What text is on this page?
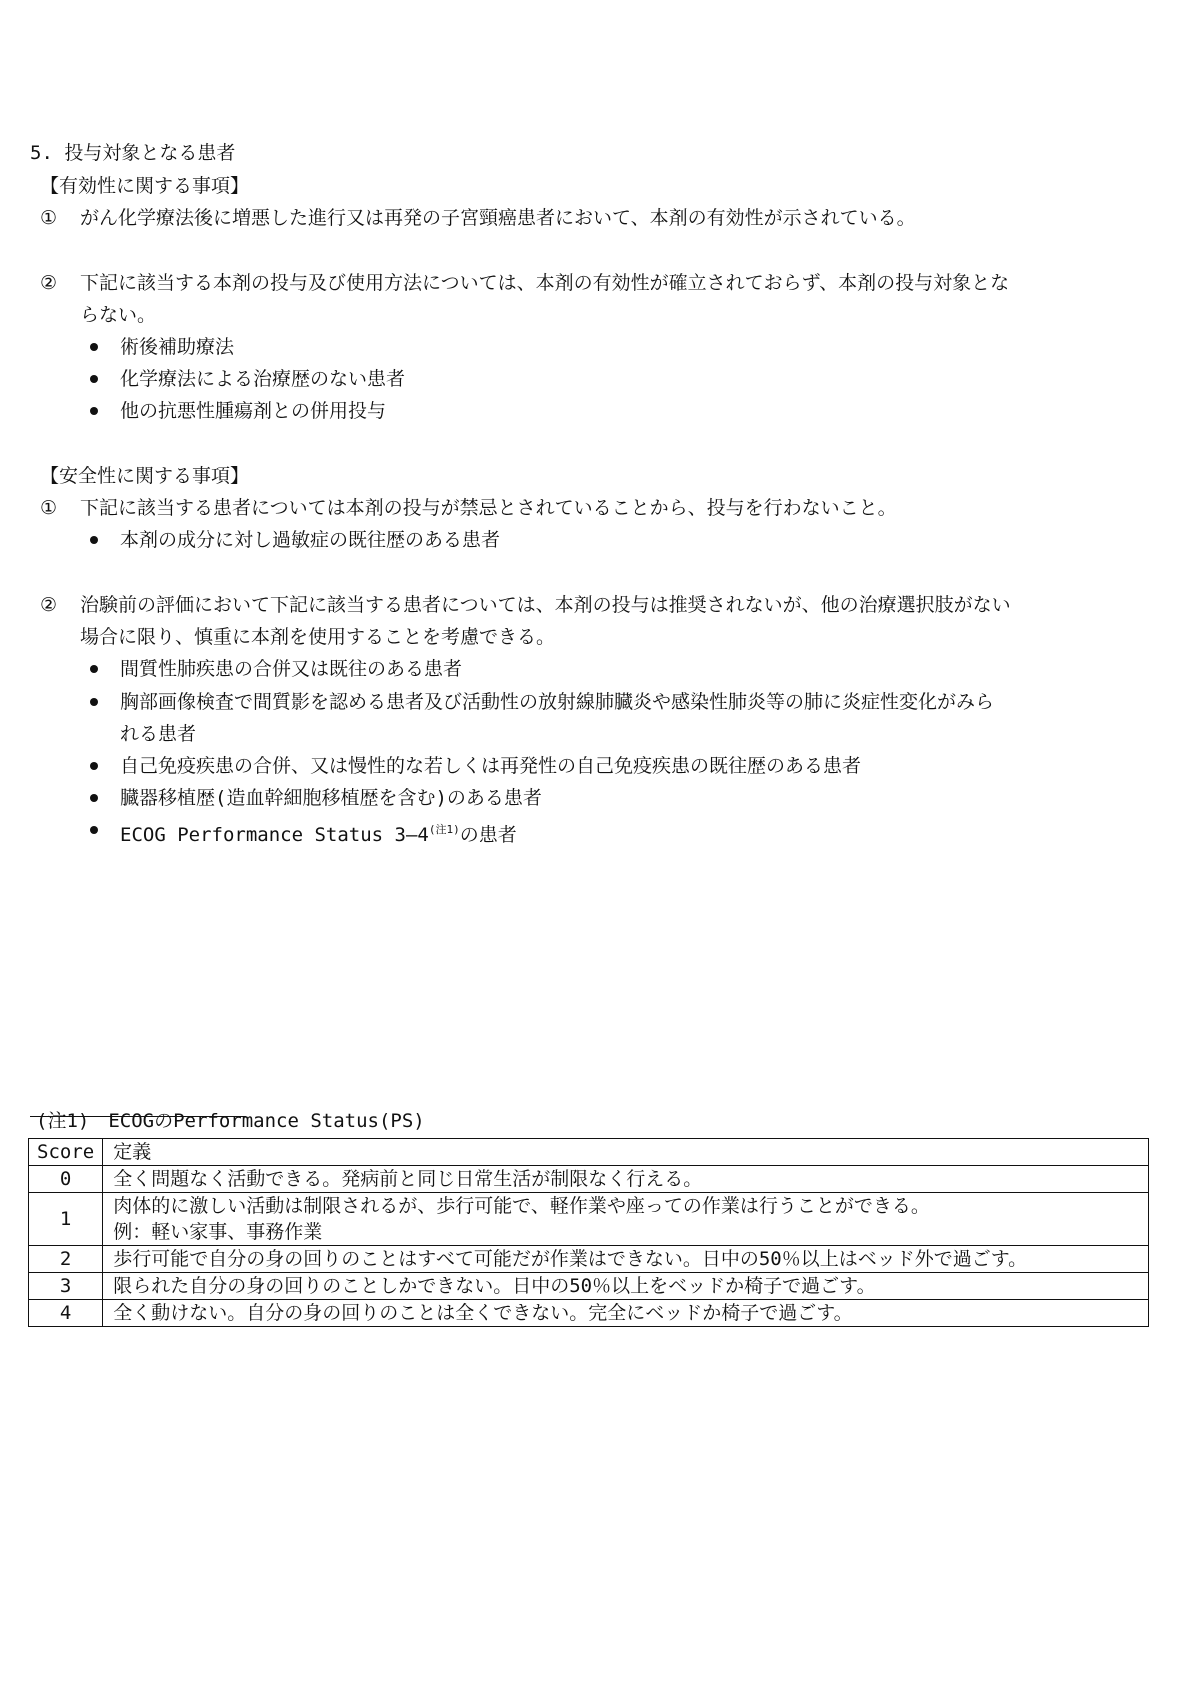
5. 投与対象となる患者
【有効性に関する事項】
① がん化学療法後に増悪した進行又は再発の子宮頸癌患者において、本剤の有効性が示されている。
② 下記に該当する本剤の投与及び使用方法については、本剤の有効性が確立されておらず、本剤の投与対象とな
らない。
術後補助療法
化学療法による治療歴のない患者
他の抗悪性腫瘍剤との併用投与
【安全性に関する事項】
① 下記に該当する患者については本剤の投与が禁忌とされていることから、投与を行わないこと。
本剤の成分に対し過敏症の既往歴のある患者
② 治験前の評価において下記に該当する患者については、本剤の投与は推奨されないが、他の治療選択肢がない
場合に限り、慎重に本剤を使用することを考慮できる。
間質性肺疾患の合併又は既往のある患者
胸部画像検査で間質影を認める患者及び活動性の放射線肺臓炎や感染性肺炎等の肺に炎症性変化がみら
れる患者
自己免疫疾患の合併、又は慢性的な若しくは再発性の自己免疫疾患の既往歴のある患者
臓器移植歴(造血幹細胞移植歴を含む)のある患者
ECOG Performance Status $3—4^{(注1)}$の患者
(注1)　ECOGのPerformance Status(PS)
Score	定義
0	全く問題なく活動できる。発病前と同じ日常生活が制限なく行える。
1	肉体的に激しい活動は制限されるが、歩行可能で、軽作業や座っての作業は行うことができる。
例：軽い家事、事務作業

2	歩行可能で自分の身の回りのことはすべて可能だが作業はできない。日中の50％以上はベッド外で過ごす。
3	限られた自分の身の回りのことしかできない。日中の50％以上をベッドか椅子で過ごす。
4	全く動けない。自分の身の回りのことは全くできない。完全にベッドか椅子で過ごす。
